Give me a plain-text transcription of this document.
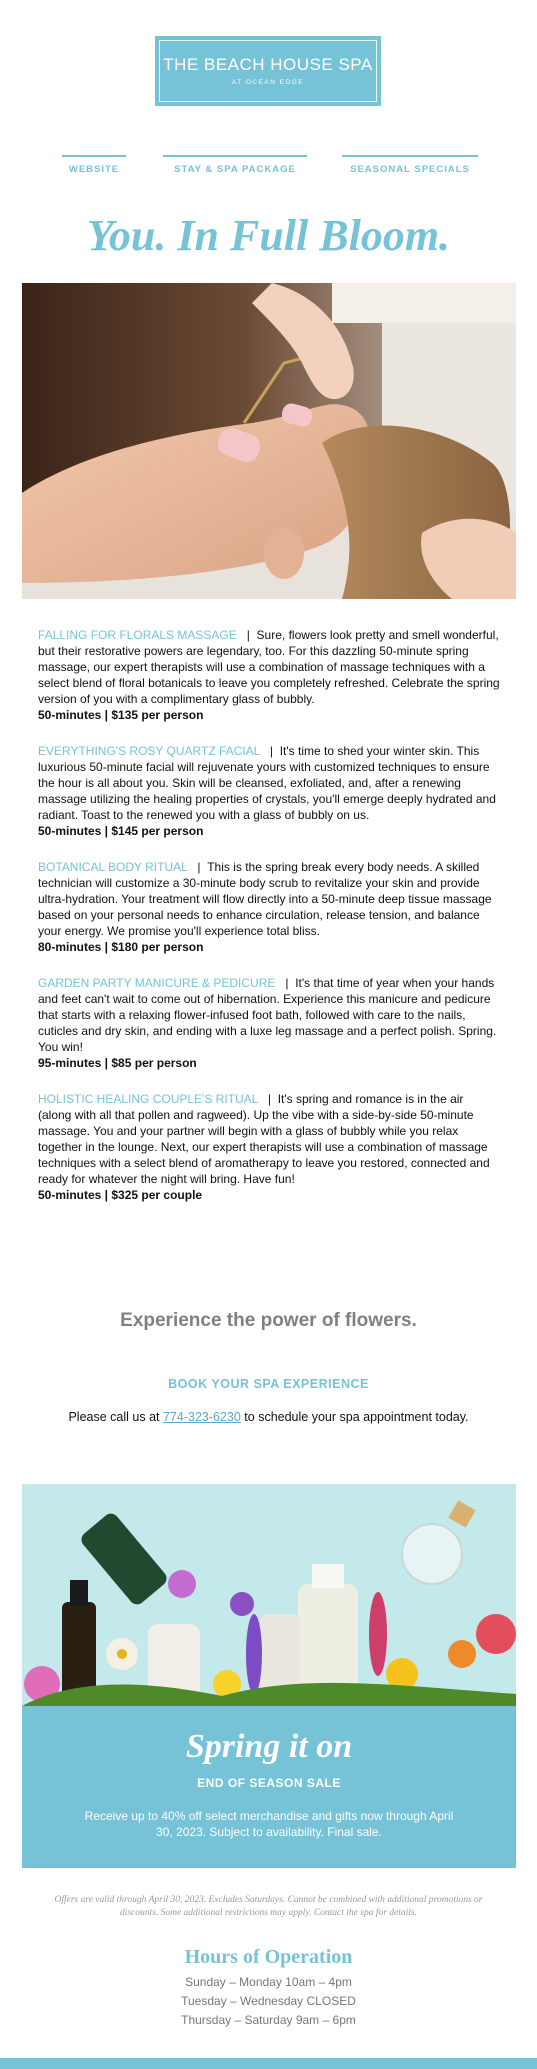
THE BEACH HOUSE SPA
AT OCEAN EDGE
WEBSITE	STAY & SPA PACKAGE	SEASONAL SPECIALS
You. In Full Bloom.

FALLING FOR FLORALS MASSAGE | Sure, flowers look pretty and smell wonderful, but their restorative powers are legendary, too. For this dazzling 50-minute spring massage, our expert therapists will use a combination of massage techniques with a select blend of floral botanicals to leave you completely refreshed. Celebrate the spring version of you with a complimentary glass of bubbly.
50-minutes | $135 per person

EVERYTHING'S ROSY QUARTZ FACIAL | It's time to shed your winter skin. This luxurious 50-minute facial will rejuvenate yours with customized techniques to ensure the hour is all about you. Skin will be cleansed, exfoliated, and, after a renewing massage utilizing the healing properties of crystals, you'll emerge deeply hydrated and radiant. Toast to the renewed you with a glass of bubbly on us.
50-minutes | $145 per person

BOTANICAL BODY RITUAL | This is the spring break every body needs. A skilled technician will customize a 30-minute body scrub to revitalize your skin and provide ultra-hydration. Your treatment will flow directly into a 50-minute deep tissue massage based on your personal needs to enhance circulation, release tension, and balance your energy. We promise you'll experience total bliss.
80-minutes | $180 per person

GARDEN PARTY MANICURE & PEDICURE | It's that time of year when your hands and feet can't wait to come out of hibernation. Experience this manicure and pedicure that starts with a relaxing flower-infused foot bath, followed with care to the nails, cuticles and dry skin, and ending with a luxe leg massage and a perfect polish. Spring. You win!
95-minutes | $85 per person

HOLISTIC HEALING COUPLE'S RITUAL | It's spring and romance is in the air (along with all that pollen and ragweed). Up the vibe with a side-by-side 50-minute massage. You and your partner will begin with a glass of bubbly while you relax together in the lounge. Next, our expert therapists will use a combination of massage techniques with a select blend of aromatherapy to leave you restored, connected and ready for whatever the night will bring. Have fun!
50-minutes | $325 per couple

Experience the power of flowers.
BOOK YOUR SPA EXPERIENCE

Please call us at 774-323-6230 to schedule your spa appointment today.

Spring it on
END OF SEASON SALE

Receive up to 40% off select merchandise and gifts now through April 30, 2023. Subject to availability. Final sale.

Offers are valid through April 30, 2023. Excludes Saturdays. Cannot be combined with additional promotions or discounts. Some additional restrictions may apply. Contact the spa for details.

Hours of Operation
Sunday – Monday 10am – 4pm
Tuesday – Wednesday CLOSED
Thursday – Saturday 9am – 6pm
